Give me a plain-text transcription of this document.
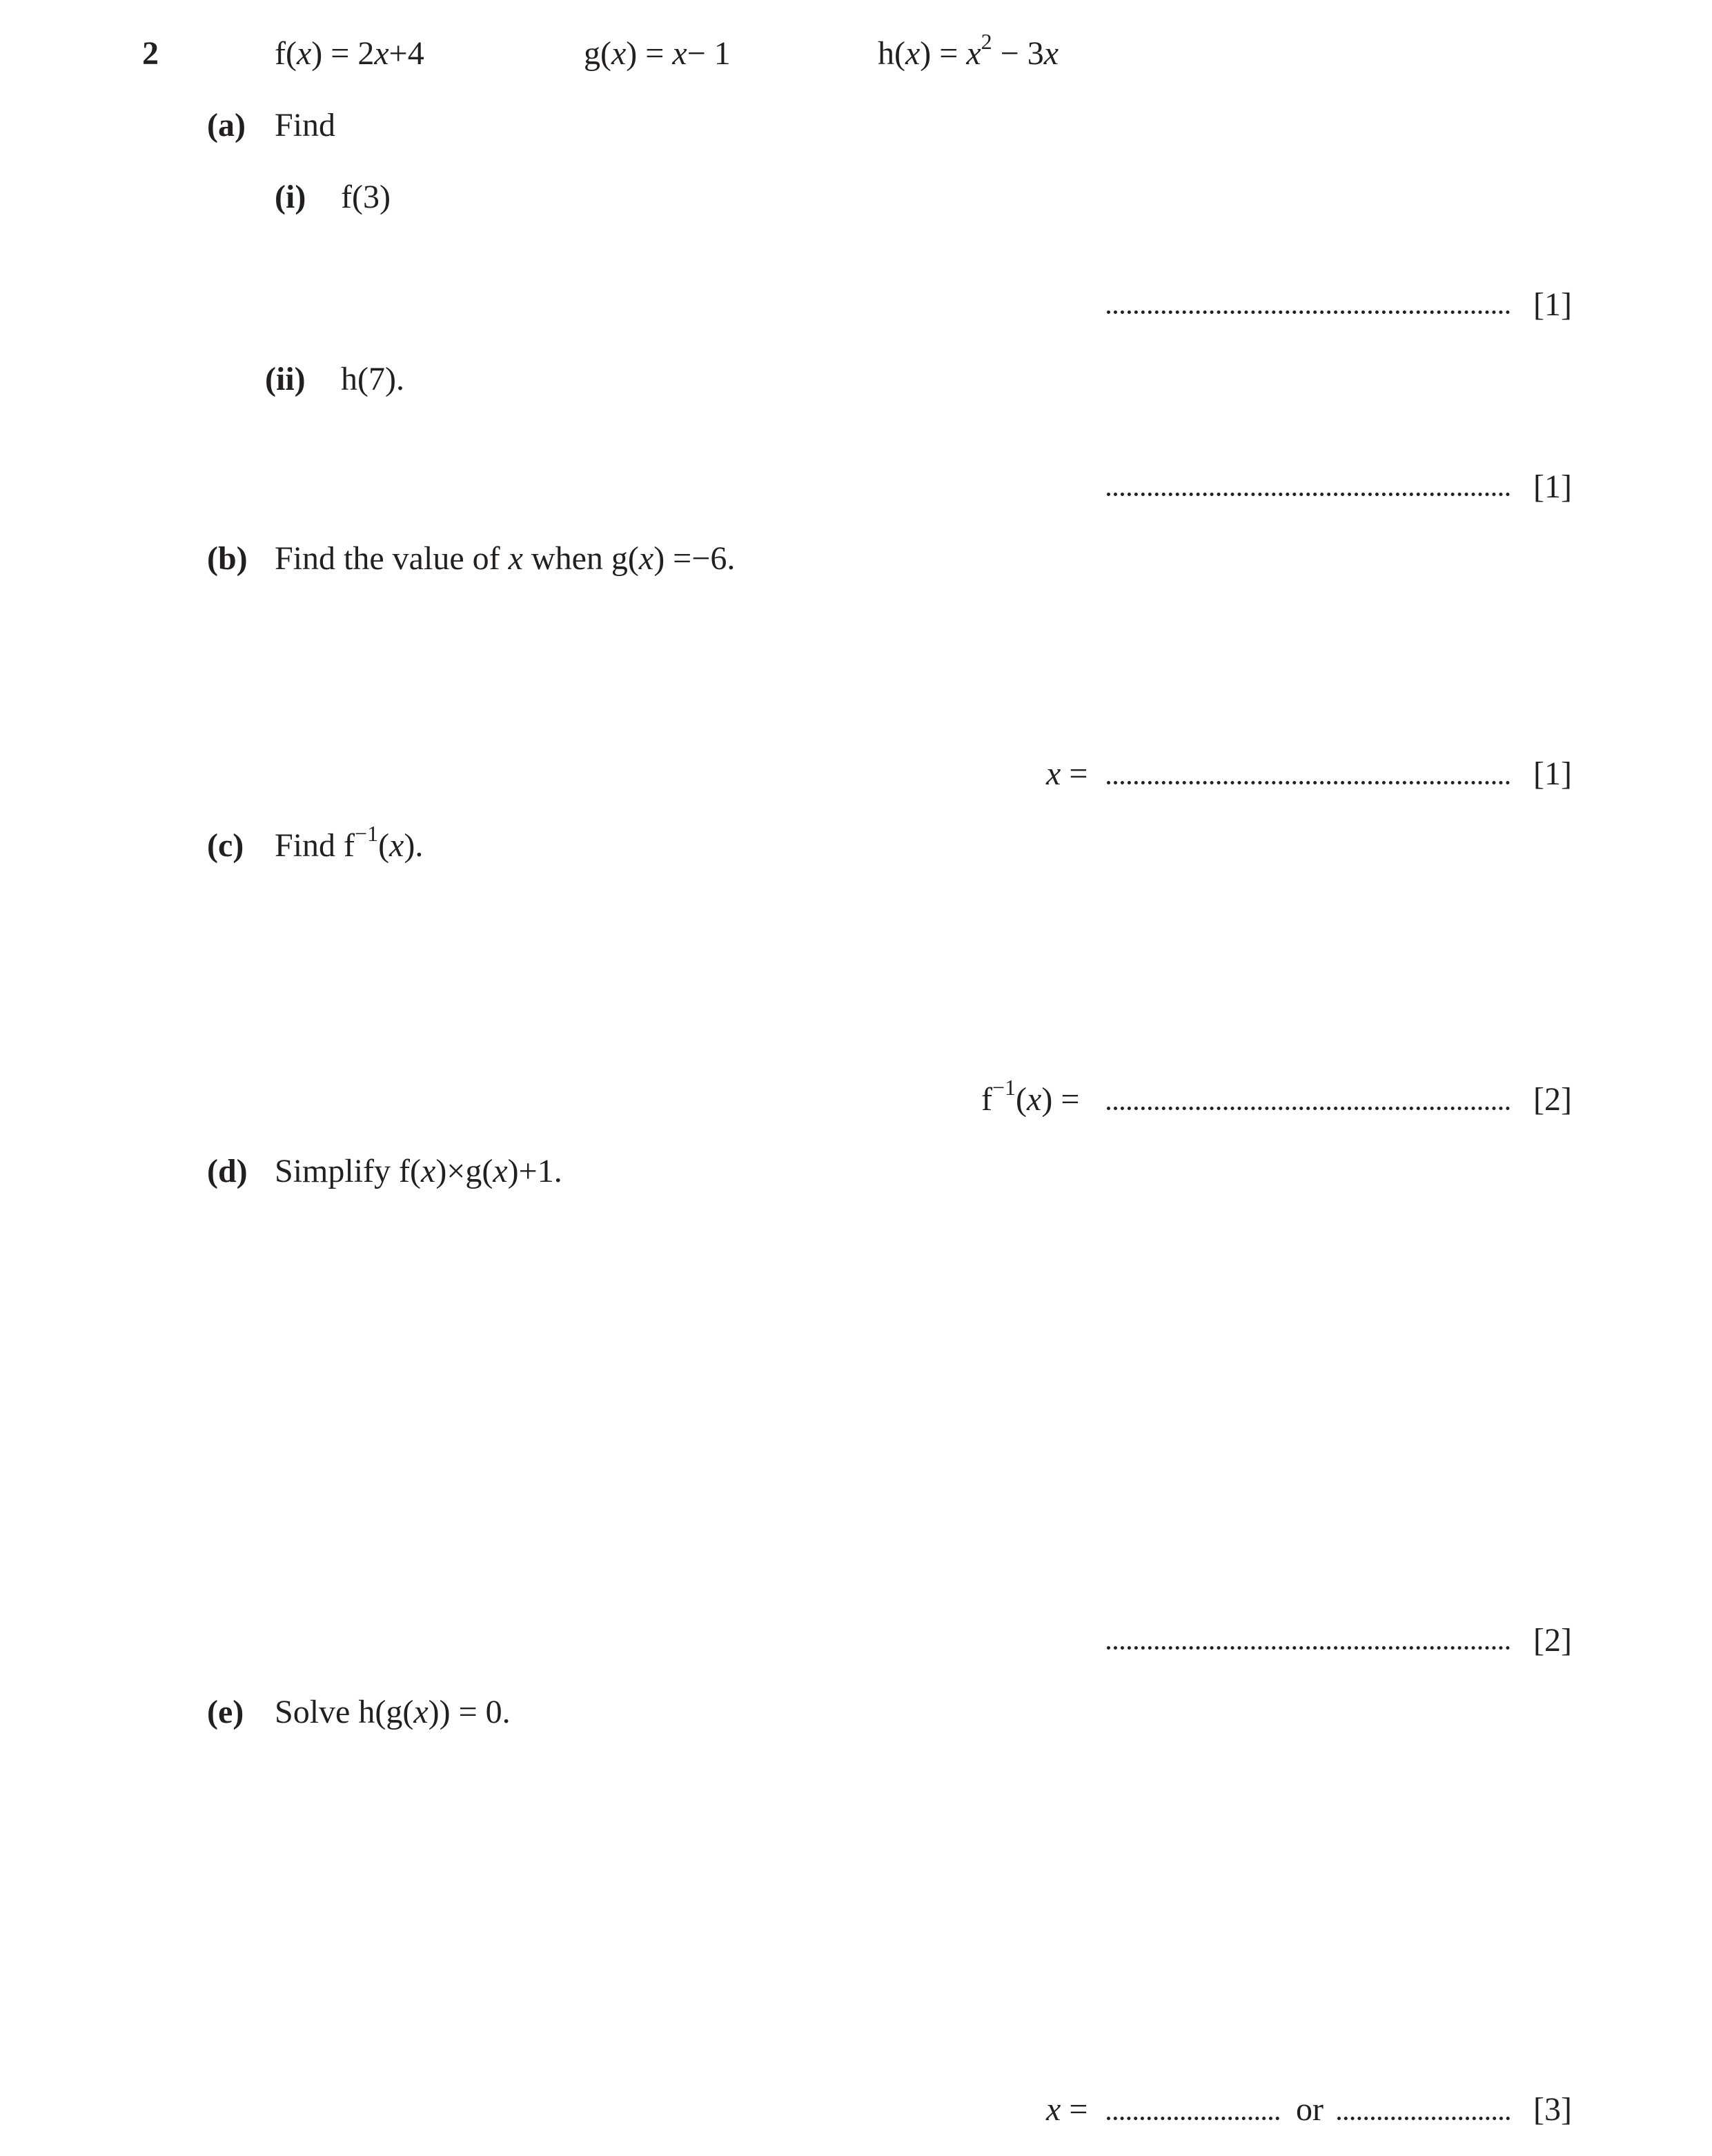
2	f(x) = 2x+4	g(x) = x− 1	$h(x) = x^2 - 3x$
(a) Find
(i) f(3)
[1]
(ii) h(7).
[1]
(b) Find the value of x when g(x) =−6.
x =	[1]
(c) Find $f^{-1}(x)$.
$f^{-1}(x)$ =	[2]
(d) Simplify f(x)×g(x)+1.
[2]
(e) Solve h(g(x)) = 0.
x =	or	[3]
